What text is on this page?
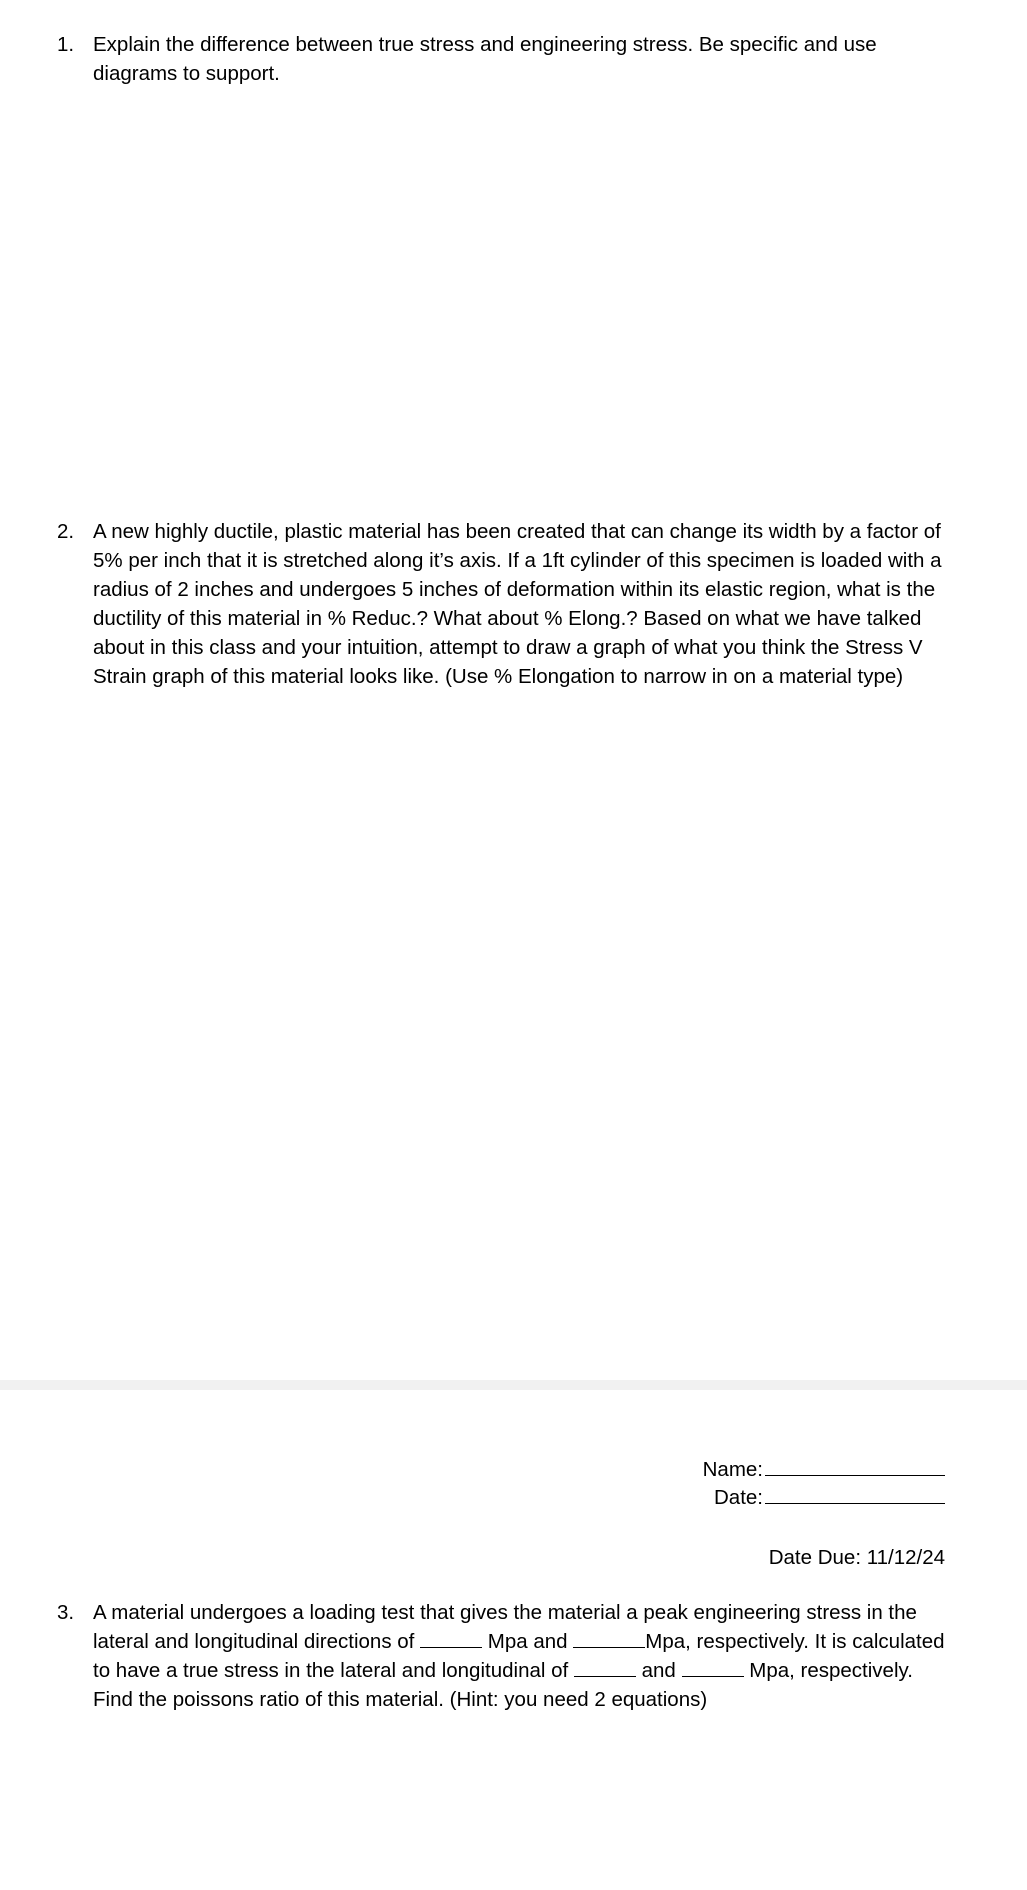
1. Explain the difference between true stress and engineering stress. Be specific and use diagrams to support.
2. A new highly ductile, plastic material has been created that can change its width by a factor of 5% per inch that it is stretched along it’s axis. If a 1ft cylinder of this specimen is loaded with a radius of 2 inches and undergoes 5 inches of deformation within its elastic region, what is the ductility of this material in % Reduc.? What about % Elong.? Based on what we have talked about in this class and your intuition, attempt to draw a graph of what you think the Stress V Strain graph of this material looks like. (Use % Elongation to narrow in on a material type)
Name:
Date:
Date Due: 11/12/24
3. A material undergoes a loading test that gives the material a peak engineering stress in the lateral and longitudinal directions of	Mpa and	Mpa, respectively. It is calculated to have a true stress in the lateral and longitudinal of	and	Mpa, respectively. Find the poissons ratio of this material. (Hint: you need 2 equations)
